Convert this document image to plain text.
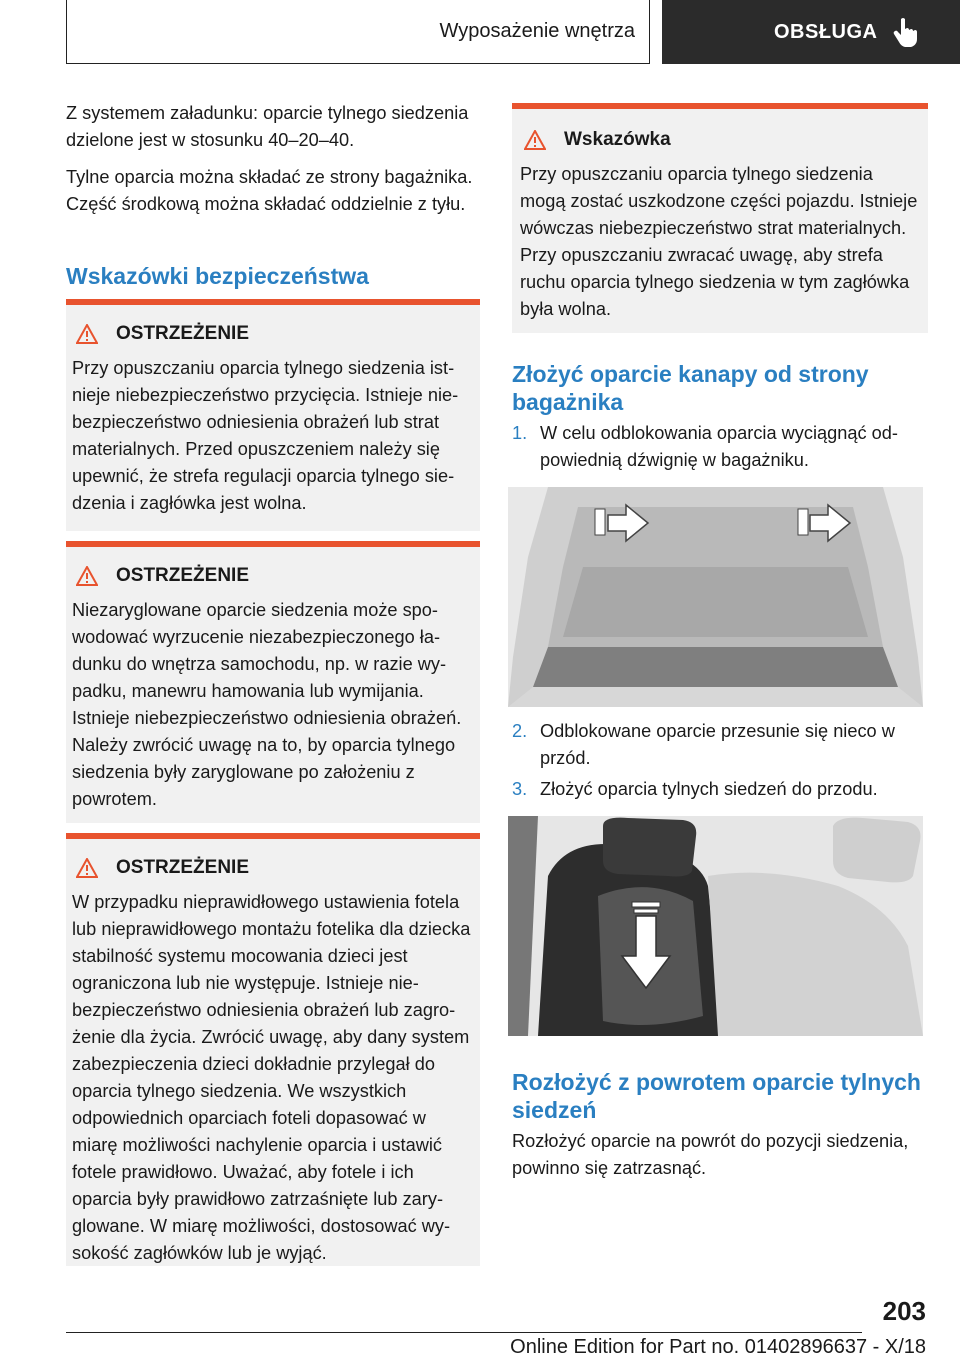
Wyposażenie wnętrza	OBSŁUGA

Z systemem załadunku: oparcie tylnego siedzenia dzielone jest w stosunku 40–20–40.

Tylne oparcia można składać ze strony bagażnika. Część środkową można składać oddzielnie z tyłu.

Wskazówki bezpieczeństwa
OSTRZEŻENIE

Przy opuszczaniu oparcia tylnego siedzenia istnieje niebezpieczeństwo przycięcia. Istnieje niebezpieczeństwo odniesienia obrażeń lub strat materialnych. Przed opuszczeniem należy się upewnić, że strefa regulacji oparcia tylnego siedzenia i zagłówka jest wolna.

OSTRZEŻENIE

Niezaryglowane oparcie siedzenia może spowodować wyrzucenie niezabezpieczonego ładunku do wnętrza samochodu, np. w razie wypadku, manewru hamowania lub wymijania. Istnieje niebezpieczeństwo odniesienia obrażeń. Należy zwrócić uwagę na to, by oparcia tylnego siedzenia były zaryglowane po założeniu z powrotem.

OSTRZEŻENIE

W przypadku nieprawidłowego ustawienia fotela lub nieprawidłowego montażu fotelika dla dziecka stabilność systemu mocowania dzieci jest ograniczona lub nie występuje. Istnieje niebezpieczeństwo odniesienia obrażeń lub zagrożenie dla życia. Zwrócić uwagę, aby dany system zabezpieczenia dzieci dokładnie przylegał do oparcia tylnego siedzenia. We wszystkich odpowiednich oparciach foteli dopasować w miarę możliwości nachylenie oparcia i ustawić fotele prawidłowo. Uważać, aby fotele i ich oparcia były prawidłowo zatrzaśnięte lub zaryglowane. W miarę możliwości, dostosować wysokość zagłówków lub je wyjąć.

Wskazówka

Przy opuszczaniu oparcia tylnego siedzenia mogą zostać uszkodzone części pojazdu. Istnieje wówczas niebezpieczeństwo strat materialnych. Przy opuszczaniu zwracać uwagę, aby strefa ruchu oparcia tylnego siedzenia w tym zagłówka była wolna.

Złożyć oparcie kanapy od strony bagażnika
1. W celu odblokowania oparcia wyciągnąć odpowiednią dźwignię w bagażniku.
2. Odblokowane oparcie przesunie się nieco w przód.
3. Złożyć oparcia tylnych siedzeń do przodu.
Rozłożyć z powrotem oparcie tylnych siedzeń

Rozłożyć oparcie na powrót do pozycji siedzenia, powinno się zatrzasnąć.

203
Online Edition for Part no. 01402896637 - X/18
